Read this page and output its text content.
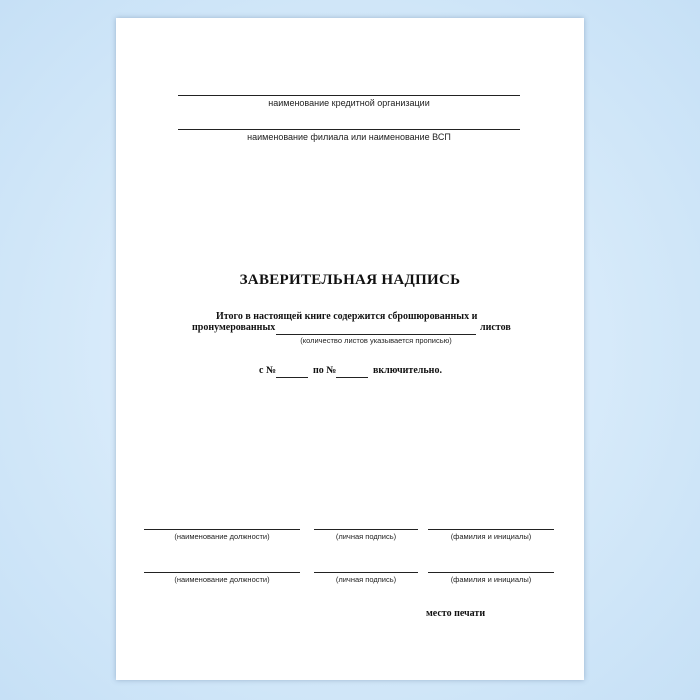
наименование кредитной организации
наименование филиала или наименование ВСП
ЗАВЕРИТЕЛЬНАЯ НАДПИСЬ
Итого в настоящей книге содержится сброшюрованных и
пронумерованных	листов
(количество листов указывается прописью)
с №	по №	включительно.
(наименование должности)	(личная подпись)	(фамилия и инициалы)
(наименование должности)	(личная подпись)	(фамилия и инициалы)
место печати
